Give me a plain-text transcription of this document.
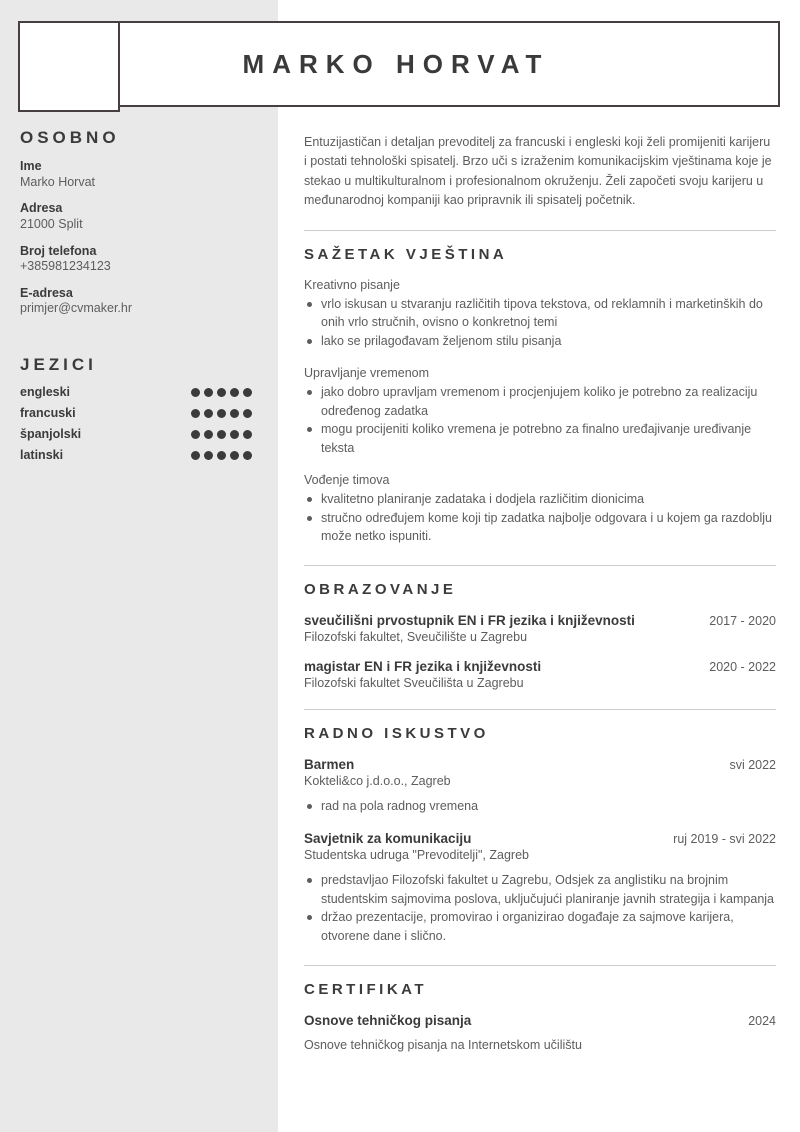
MARKO HORVAT
OSOBNO
Ime
Marko Horvat
Adresa
21000 Split
Broj telefona
+385981234123
E-adresa
primjer@cvmaker.hr
JEZICI
engleski
francuski
španjolski
latinski

Entuzijastičan i detaljan prevoditelj za francuski i engleski koji želi promijeniti karijeru i postati tehnološki spisatelj. Brzo uči s izraženim komunikacijskim vještinama koje je stekao u multikulturalnom i profesionalnom okruženju. Želi započeti svoju karijeru u međunarodnoj kompaniji kao pripravnik ili spisatelj početnik.

SAŽETAK VJEŠTINA
Kreativno pisanje
vrlo iskusan u stvaranju različitih tipova tekstova, od reklamnih i marketinških do onih vrlo stručnih, ovisno o konkretnoj temi
lako se prilagođavam željenom stilu pisanja
Upravljanje vremenom
jako dobro upravljam vremenom i procjenjujem koliko je potrebno za realizaciju određenog zadatka
mogu procijeniti koliko vremena je potrebno za finalno uređajivanje uređivanje teksta
Vođenje timova
kvalitetno planiranje zadataka i dodjela različitim dionicima
stručno određujem kome koji tip zadatka najbolje odgovara i u kojem ga razdoblju može netko ispuniti.
OBRAZOVANJE
sveučilišni prvostupnik EN i FR jezika i književnosti	2017 - 2020
Filozofski fakultet, Sveučilište u Zagrebu
magistar EN i FR jezika i književnosti	2020 - 2022
Filozofski fakultet Sveučilišta u Zagrebu
RADNO ISKUSTVO
Barmen	svi 2022
Kokteli&co j.d.o.o., Zagreb
rad na pola radnog vremena
Savjetnik za komunikaciju	ruj 2019 - svi 2022
Studentska udruga "Prevoditelji", Zagreb
predstavljao Filozofski fakultet u Zagrebu, Odsjek za anglistiku na brojnim studentskim sajmovima poslova, uključujući planiranje javnih strategija i kampanja
držao prezentacije, promovirao i organizirao događaje za sajmove karijera, otvorene dane i slično.
CERTIFIKAT
Osnove tehničkog pisanja	2024
Osnove tehničkog pisanja na Internetskom učilištu
